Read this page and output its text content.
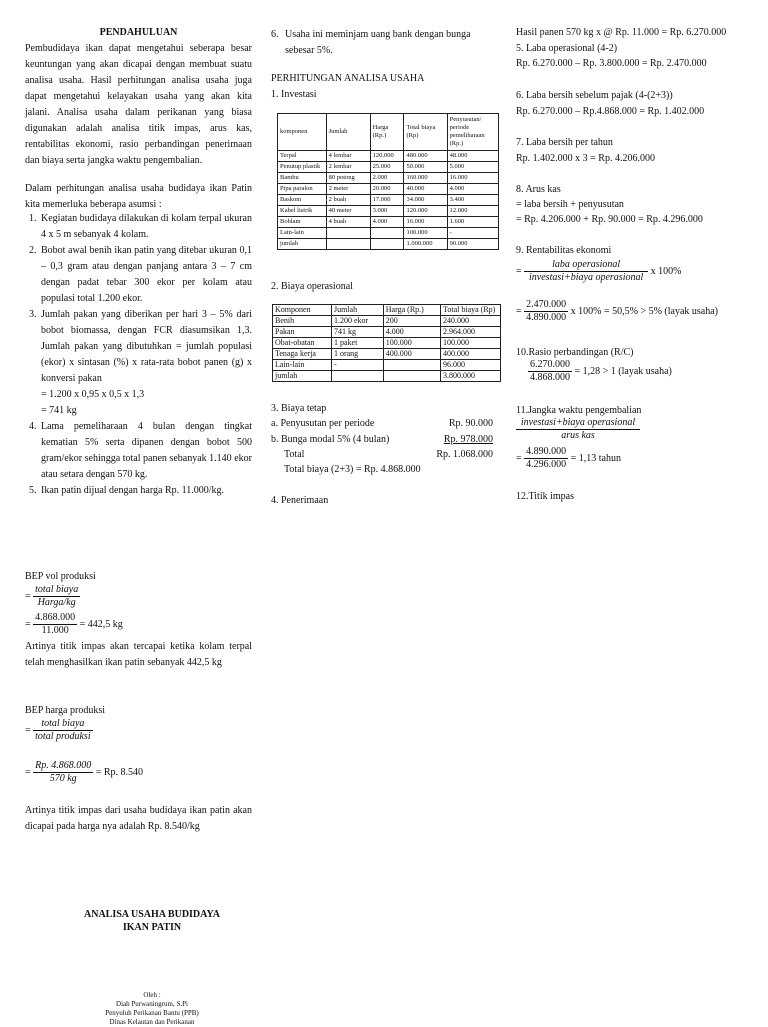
PENDAHULUAN

Pembudidaya ikan dapat mengetahui seberapa besar keuntungan yang akan dicapai dengan membuat suatu analisa usaha. Hasil perhitungan analisa usaha juga dapat mengetahui kelayakan usaha yang akan kita jalani. Analisa usaha dalam perikanan yang biasa digunakan adalah analisa titik impas, arus kas, rentabilitas ekonomi, rasio perbandingan penerimaan dan biaya serta jangka waktu pengembalian.

Dalam perhitungan analisa usaha budidaya ikan Patin kita memerluka beberapa asumsi :

1. Kegiatan budidaya dilakukan di kolam terpal ukuran 4 x 5 m sebanyak 4 kolam.
2. Bobot awal benih ikan patin yang ditebar ukuran 0,1 – 0,3 gram atau dengan panjang antara 3 – 7 cm dengan padat tebar 300 ekor per kolam atau populasi total 1.200 ekor.
3. Jumlah pakan yang diberikan per hari 3 – 5% dari bobot biomassa, dengan FCR diasumsikan 1,3. Jumlah pakan yang dibutuhkan = jumlah populasi (ekor) x sintasan (%) x rata-rata bobot panen (g) x konversi pakan
= 1.200 x 0,95 x 0,5 x 1,3
= 741 kg
4. Lama pemeliharaan 4 bulan dengan tingkat kematian 5% serta dipanen dengan bobot 500 gram/ekor sehingga total panen sebanyak 1.140 ekor atau setara dengan 570 kg.
5. Ikan patin dijual dengan harga Rp. 11.000/kg.
BEP vol produksi
= $\frac{\text{total biaya}}{\text{Harga/kg}}$
= $\frac{4.868.000}{11.000} = 442,5$ kg

Artinya titik impas akan tercapai ketika kolam terpal telah menghasilkan ikan patin sebanyak 442,5 kg

BEP harga produksi
= $\frac{\text{total biaya}}{\text{total produksi}}$
= $\frac{Rp. 4.868.000}{570 kg} = Rp$. 8.540

Artinya titik impas dari usaha budidaya ikan patin akan dicapai pada harga nya adalah Rp. 8.540/kg

ANALISA USAHA BUDIDAYA
IKAN PATIN
Oleh :
Diah Purwaningrum, S.Pi
Penyuluh Perikanan Bantu (PPB)
Dinas Kelautan dan Perikanan
6. Usaha ini meminjam uang bank dengan bunga sebesar 5%.
PERHITUNGAN ANALISA USAHA
1. Investasi
komponen	Jumlah	Harga (Rp.)	Total biaya (Rp)	Penyusutan/ periode pemeliharaan (Rp.)
Terpal	4 lembar	120.000	480.000	48.000
Penutup plastik	2 lembar	25.000	50.000	5.000
Bambu	80 potong	2.000	160.000	16.000
Pipa paralon	2 meter	20.000	40.000	4.000
Baskom	2 buah	17.000	34.000	3.400
Kabel listrik	40 meter	3.000	120.000	12.000
Bohlam	4 buah	4.000	16.000	1.600
Lain-lain			100.000	-
jumlah			1.000.000	90.000
2. Biaya operasional
Komponen	Jumlah	Harga (Rp.)	Total biaya (Rp)
Benih	1.200 ekor	200	240.000
Pakan	741 kg	4.000	2.964.000
Obat-obatan	1 paket	100.000	100.000
Tenaga kerja	1 orang	400.000	400.000
Lain-lain	-		96.000
jumlah			3.800.000
3. Biaya tetap
a. Penyusutan per periode	Rp. 90.000
b. Bunga modal 5% (4 bulan)	Rp. 978.000
Total	Rp. 1.068.000
Total biaya (2+3) = Rp. 4.868.000
4. Penerimaan
Hasil panen 570 kg x @ Rp. 11.000 = Rp. 6.270.000
5. Laba operasional (4-2)
Rp. 6.270.000 – Rp. 3.800.000 = Rp. 2.470.000
6. Laba bersih sebelum pajak (4-(2+3))
Rp. 6.270.000 – Rp.4.868.000 = Rp. 1.402.000
7. Laba bersih per tahun
Rp. 1.402.000 x 3 = Rp. 4.206.000
8. Arus kas
= laba bersih + penyusutan
= Rp. 4.206.000 + Rp. 90.000 = Rp. 4.296.000
9. Rentabilitas ekonomi
= $\frac{\text{laba operasional}}{\text{investasi+biaya operasional}}$ x 100%
= $\frac{2.470.000}{4.890.000}$ x 100% = 50,5% > 5% (layak usaha)
10.Rasio perbandingan (R/C)
$\frac{6.270.000}{4.868.000} = 1,28 > 1$ (layak usaha)
11.Jangka waktu pengembalian
$\frac{\text{investasi+biaya operasional}}{\text{arus kas}}$
= $\frac{4.890.000}{4.296.000} = 1,13$ tahun
12.Titik impas
